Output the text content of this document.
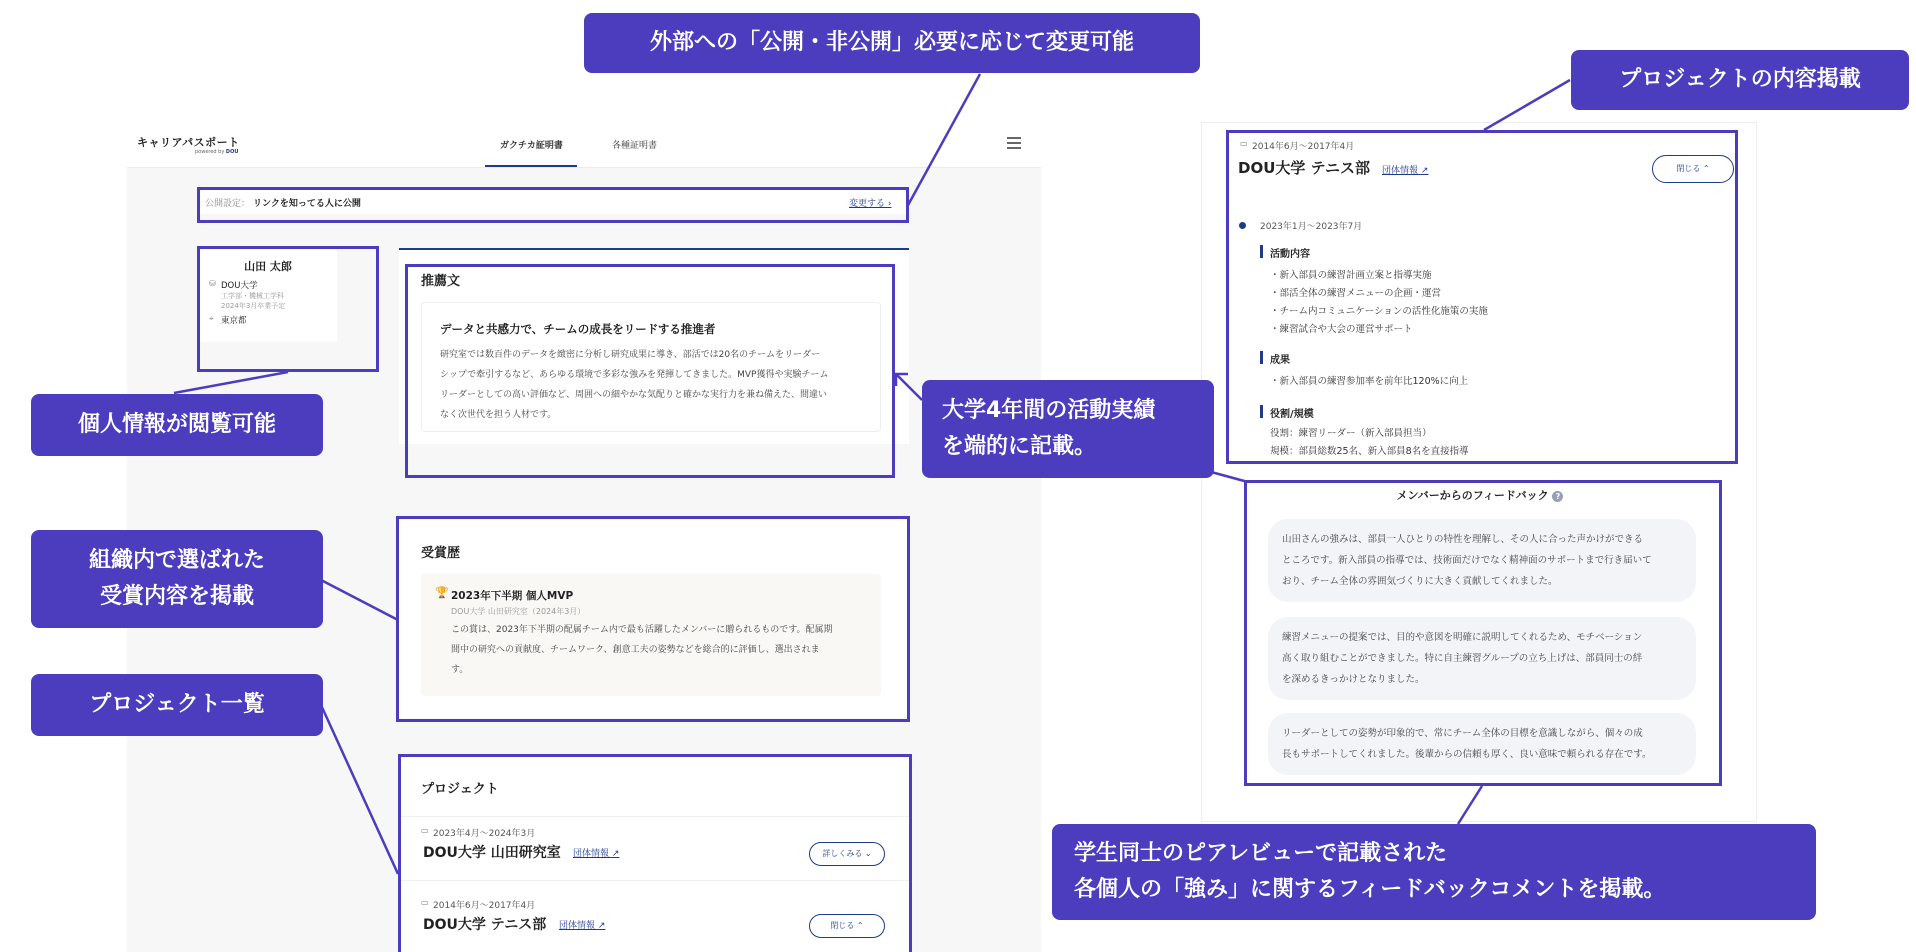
キャリアパスポート
powered by DOU
ガクチカ証明書	各種証明書
公開設定： リンクを知ってる人に公開	変更する ›
山田 太郎
⛁ DOU大学
工学部・機械工学科
2024年3月卒業予定
⌖ 東京都
推薦文
データと共感力で、チームの成長をリードする推進者
研究室では数百件のデータを緻密に分析し研究成果に導き、部活では20名のチームをリーダー
シップで牽引するなど、あらゆる環境で多彩な強みを発揮してきました。MVP獲得や実験チーム
リーダーとしての高い評価など、周囲への細やかな気配りと確かな実行力を兼ね備えた、間違い
なく次世代を担う人材です。
受賞歴
🏆 2023年下半期 個人MVP
DOU大学 山田研究室（2024年3月）
この賞は、2023年下半期の配属チーム内で最も活躍したメンバーに贈られるものです。配属期
間中の研究への貢献度、チームワーク、創意工夫の姿勢などを総合的に評価し、選出されま
す。
プロジェクト
▭ 2023年4月〜2024年3月
DOU大学 山田研究室 団体情報 ↗	詳しくみる ⌄
▭ 2014年6月〜2017年4月
DOU大学 テニス部 団体情報 ↗	閉じる ⌃
▭ 2014年6月〜2017年4月
DOU大学 テニス部 団体情報 ↗	閉じる ⌃
2023年1月〜2023年7月
活動内容
・新入部員の練習計画立案と指導実施
・部活全体の練習メニューの企画・運営
・チーム内コミュニケーションの活性化施策の実施
・練習試合や大会の運営サポート
成果
・新入部員の練習参加率を前年比120%に向上
役割/規模
役割：練習リーダー（新入部員担当）
規模：部員総数25名、新入部員8名を直接指導
メンバーからのフィードバック ?
山田さんの強みは、部員一人ひとりの特性を理解し、その人に合った声かけができる
ところです。新入部員の指導では、技術面だけでなく精神面のサポートまで行き届いて
おり、チーム全体の雰囲気づくりに大きく貢献してくれました。
練習メニューの提案では、目的や意図を明確に説明してくれるため、モチベーション
高く取り組むことができました。特に自主練習グループの立ち上げは、部員同士の絆
を深めるきっかけとなりました。
リーダーとしての姿勢が印象的で、常にチーム全体の目標を意識しながら、個々の成
長もサポートしてくれました。後輩からの信頼も厚く、良い意味で頼られる存在です。
外部への「公開・非公開」必要に応じて変更可能
個人情報が閲覧可能
組織内で選ばれた
受賞内容を掲載
プロジェクト一覧
大学4年間の活動実績
を端的に記載。
プロジェクトの内容掲載
学生同士のピアレビューで記載された
各個人の「強み」に関するフィードバックコメントを掲載。
